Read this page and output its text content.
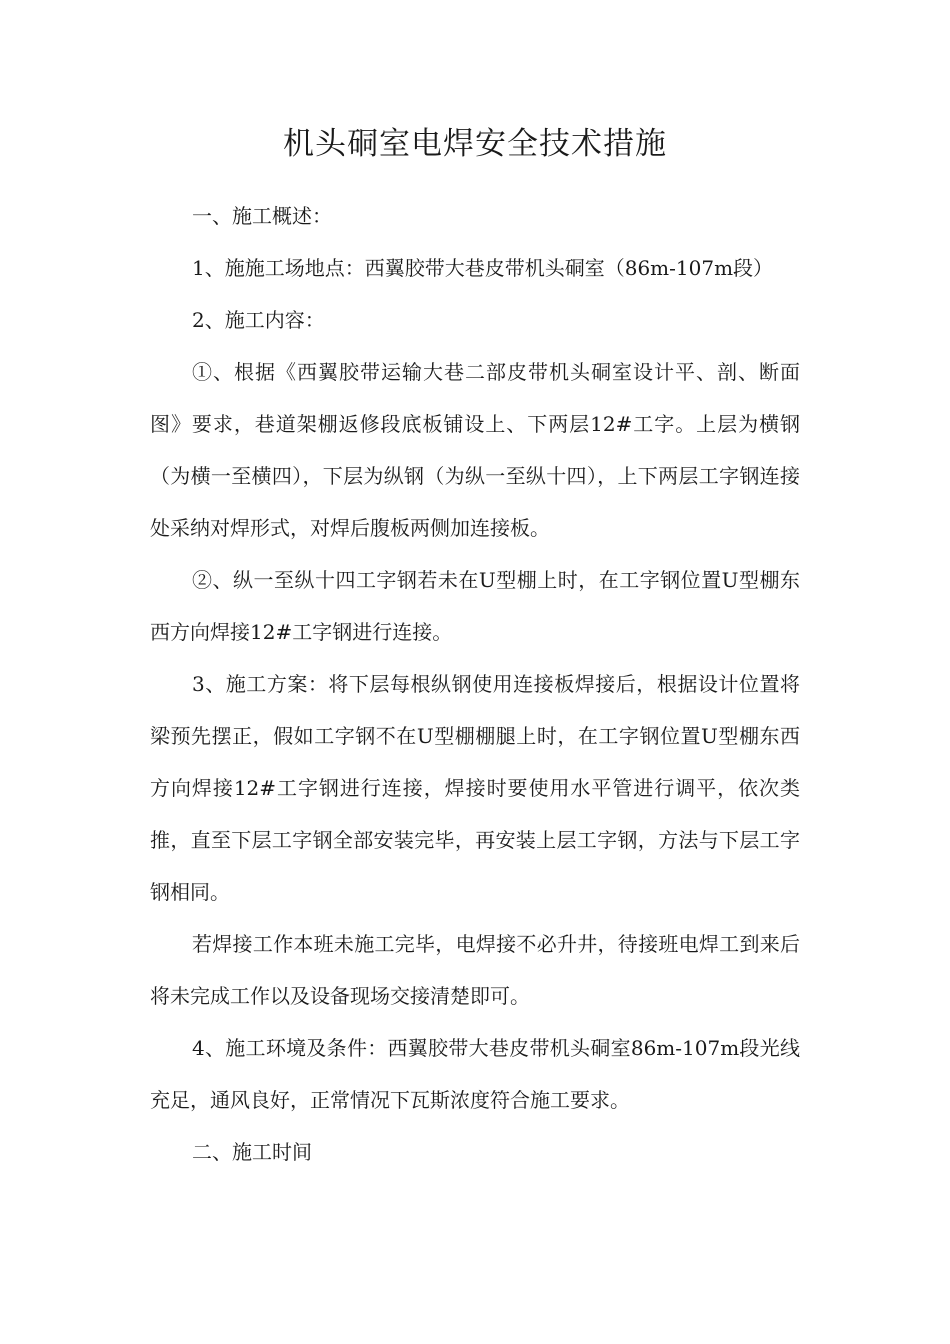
机头硐室电焊安全技术措施

一、施工概述：

1、施施工场地点：西翼胶带大巷皮带机头硐室（86m-107m段）

2、施工内容：

①、根据《西翼胶带运输大巷二部皮带机头硐室设计平、剖、断面图》要求，巷道架棚返修段底板铺设上、下两层12#工字。上层为横钢（为横一至横四），下层为纵钢（为纵一至纵十四），上下两层工字钢连接处采纳对焊形式，对焊后腹板两侧加连接板。

②、纵一至纵十四工字钢若未在U型棚上时，在工字钢位置U型棚东西方向焊接12#工字钢进行连接。

3、施工方案：将下层每根纵钢使用连接板焊接后，根据设计位置将梁预先摆正，假如工字钢不在U型棚棚腿上时，在工字钢位置U型棚东西方向焊接12#工字钢进行连接，焊接时要使用水平管进行调平，依次类推，直至下层工字钢全部安装完毕，再安装上层工字钢，方法与下层工字钢相同。

若焊接工作本班未施工完毕，电焊接不必升井，待接班电焊工到来后将未完成工作以及设备现场交接清楚即可。

4、施工环境及条件：西翼胶带大巷皮带机头硐室86m-107m段光线充足，通风良好，正常情况下瓦斯浓度符合施工要求。

二、施工时间
